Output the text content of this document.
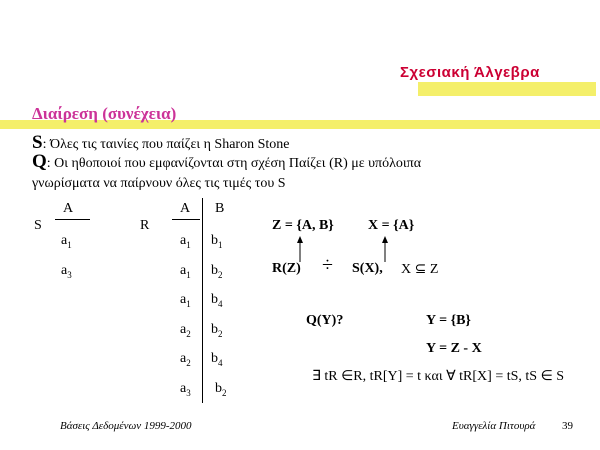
Σχεσιακή Άλγεβρα
Διαίρεση (συνέχεια)
S: Όλες τις ταινίες που παίζει η Sharon Stone
Q: Οι ηθοποιοί που εμφανίζονται στη σχέση Παίζει (R) με υπόλοιπα
γνωρίσματα να παίρνουν όλες τις τιμές του S
S
A
$a_1$
$a_3$
R
A B
$a_1$ $b_1$
$a_1$ $b_2$
$a_1$ $b_4$
$a_2$ $b_2$
$a_2$ $b_4$
$a_3$ $b_2$
Z = {A, B} X = {A}
R(Z) ÷ S(X), X ⊆ Z
Q(Y)?	Y = {B}
Y = Z - X
∃ tR ∈R, tR[Y] = t και ∀ tR[X] = tS, tS ∈ S
Βάσεις Δεδομένων 1999-2000	Ευαγγελία Πιτουρά 39
